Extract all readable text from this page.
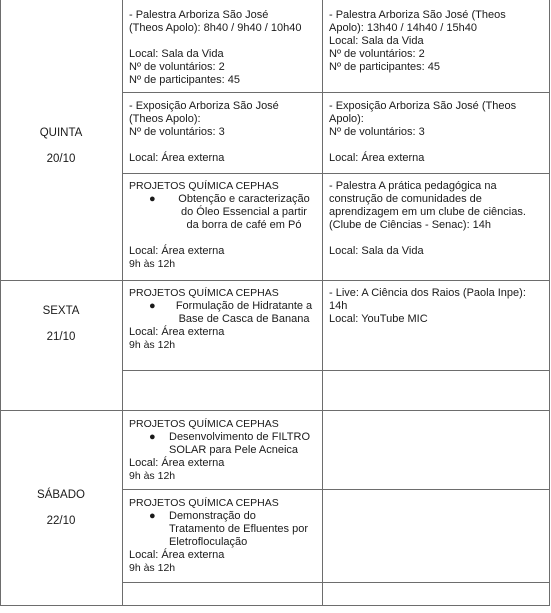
QUINTA
20/10
SEXTA
21/10
SÁBADO
22/10
- Palestra Arboriza São José
(Theos Apolo): 8h40 / 9h40 / 10h40
Local: Sala da Vida
Nº de voluntários: 2
Nº de participantes: 45
- Palestra Arboriza São José (Theos
Apolo): 13h40 / 14h40 / 15h40
Local: Sala da Vida
Nº de voluntários: 2
Nº de participantes: 45
- Exposição Arboriza São José
(Theos Apolo):
Nº de voluntários: 3
Local: Área externa
- Exposição Arboriza São José (Theos
Apolo):
Nº de voluntários: 3
Local: Área externa
PROJETOS QUÍMICA CEPHAS
●	Obtenção e caracterização
do Óleo Essencial a partir
da borra de café em Pó
Local: Área externa
9h às 12h
- Palestra A prática pedagógica na
construção de comunidades de
aprendizagem em um clube de ciências.
(Clube de Ciências - Senac): 14h
Local: Sala da Vida
PROJETOS QUÍMICA CEPHAS
●	Formulação de Hidratante a
Base de Casca de Banana
Local: Área externa
9h às 12h
- Live: A Ciência dos Raios (Paola Inpe):
14h
Local: YouTube MIC
PROJETOS QUÍMICA CEPHAS
● Desenvolvimento de FILTRO
SOLAR para Pele Acneica
Local: Área externa
9h às 12h
PROJETOS QUÍMICA CEPHAS
● Demonstração do
Tratamento de Efluentes por
Eletrofloculação
Local: Área externa
9h às 12h
